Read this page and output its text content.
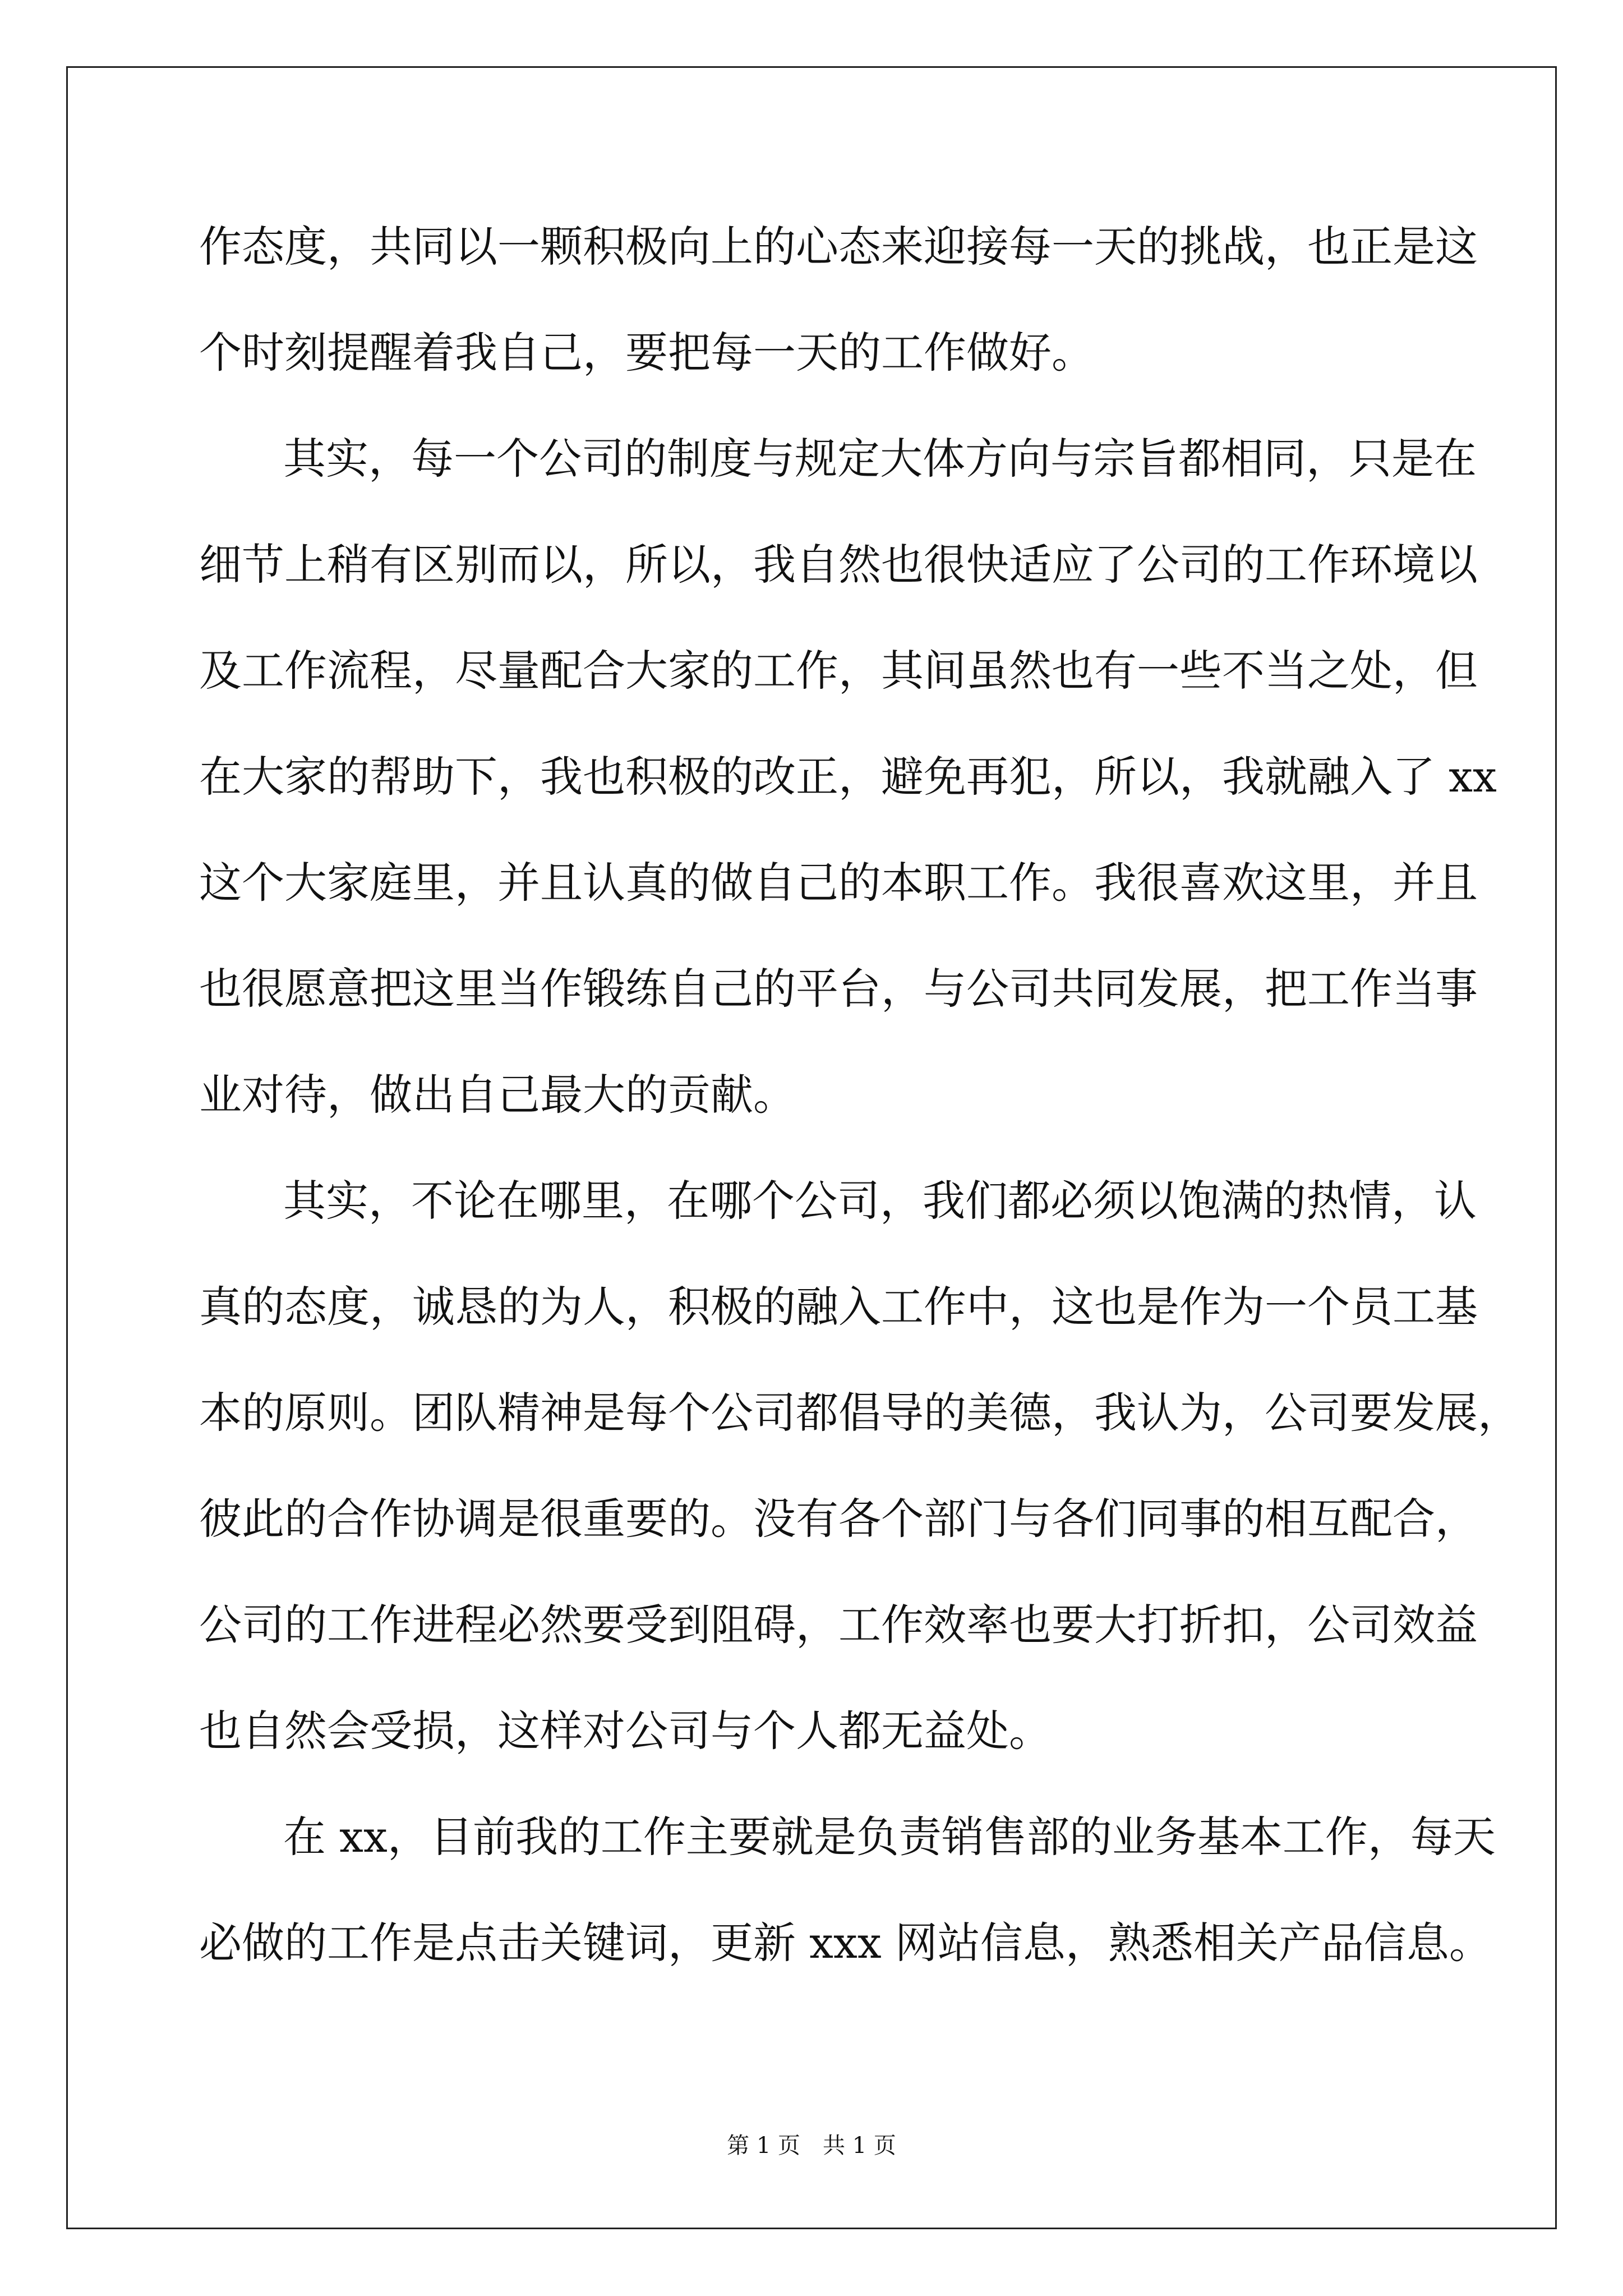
作态度，共同以一颗积极向上的心态来迎接每一天的挑战，也正是这
个时刻提醒着我自己，要把每一天的工作做好。
其实，每一个公司的制度与规定大体方向与宗旨都相同，只是在
细节上稍有区别而以，所以，我自然也很快适应了公司的工作环境以
及工作流程，尽量配合大家的工作，其间虽然也有一些不当之处，但
在大家的帮助下，我也积极的改正，避免再犯，所以，我就融入了 xx
这个大家庭里，并且认真的做自己的本职工作。我很喜欢这里，并且
也很愿意把这里当作锻练自己的平台，与公司共同发展，把工作当事
业对待，做出自己最大的贡献。
其实，不论在哪里，在哪个公司，我们都必须以饱满的热情，认
真的态度，诚恳的为人，积极的融入工作中，这也是作为一个员工基
本的原则。团队精神是每个公司都倡导的美德，我认为，公司要发展，
彼此的合作协调是很重要的。没有各个部门与各们同事的相互配合，
公司的工作进程必然要受到阻碍，工作效率也要大打折扣，公司效益
也自然会受损，这样对公司与个人都无益处。
在 xx，目前我的工作主要就是负责销售部的业务基本工作，每天
必做的工作是点击关键词，更新 xxx 网站信息，熟悉相关产品信息。
第 1 页　共 1 页
